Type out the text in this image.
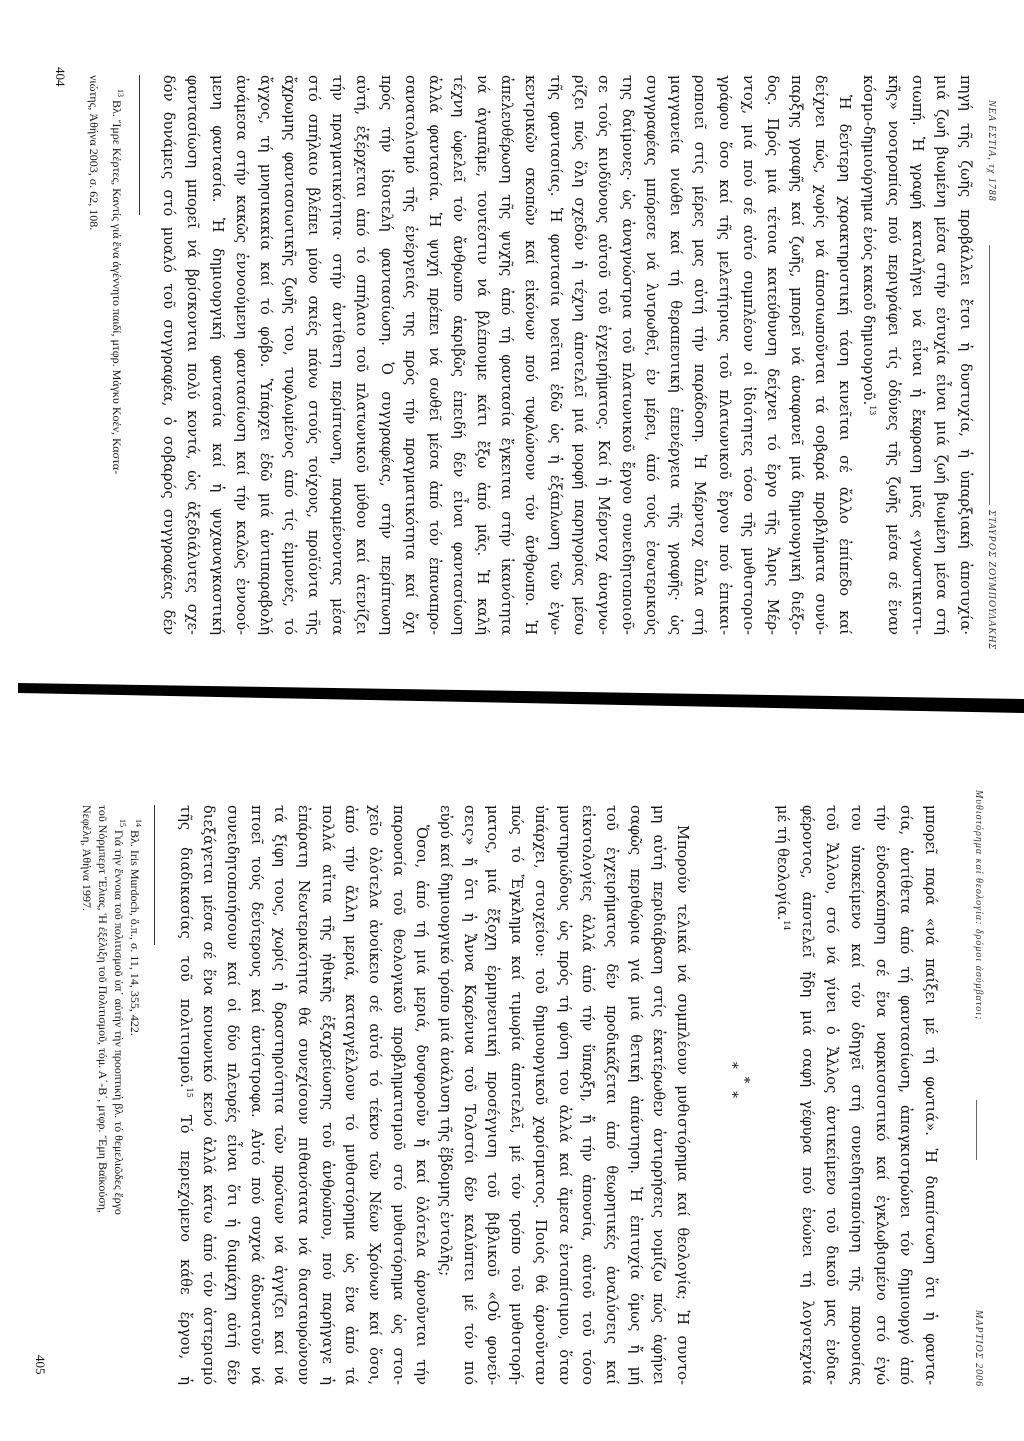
ΝΕΑ ΕΣΤΙΑ, τχ 1788
ΣΤΑΥΡΟΣ ΖΟΥΜΠΟΥΛΑΚΗΣ
πηγή τῆς ζωῆς προβάλλει ἔτσι ἡ δυστυχία, ἡ ὑπαρξιακή ἀποτυχία·
μιά ζωή βιωμένη μέσα στήν εὐτυχία εἶναι μιά ζωή βιωμένη μέσα στή
σιωπή. Ἡ γραφή καταλήγει νά εἶναι ἡ ἔκφραση μιᾶς «γνωστικιστι-
κῆς» νοοτροπίας πού περιγράφει τίς ὀδύνες τῆς ζωῆς μέσα σέ ἕναν
κόσμο-δημιούργημα ἑνός κακοῦ δημιουργοῦ.$^{13}$
Ἡ δεύτερη χαρακτηριστική τάση κινεῖται σέ ἄλλο ἐπίπεδο καί
δείχνει πώς, χωρίς νά ἀποσιωποῦνται τά σοβαρά προβλήματα συνύ-
παρξης γραφῆς καί ζωῆς, μπορεῖ νά ἀναφανεῖ μιά δημιουργική διέξο-
δος. Πρός μιά τέτοια κατεύθυνση δείχνει τό ἔργο τῆς Ἄιρις Μέρ-
ντοχ, μιά πού σέ αὐτό συμπλέουν οἱ ἰδιότητες τόσο τῆς μυθιστοριο-
γράφου ὅσο καί τῆς μελετήτριας τοῦ πλατωνικοῦ ἔργου πού ἐπικαι-
ροποιεῖ στίς μέρες μας αὐτή τήν παράδοση. Ἡ Μέρντοχ ὅπλα στή
μαγγανεία νιώθει καί τή θεραπευτική ἐπενέργεια τῆς γραφῆς· ὡς
συγγραφέας μπόρεσε νά λυτρωθεῖ, ἐν μέρει, ἀπό τούς ἐσωτερικούς
της δαίμονες· ὡς ἀναγνώστρια τοῦ πλατωνικοῦ ἔργου συνειδητοποιοῦ-
σε τούς κινδύνους αὐτοῦ τοῦ ἐγχειρήματος. Καί ἡ Μέρντοχ ἀναγνω-
ρίζει πώς ὅλη σχεδόν ἡ τέχνη ἀποτελεῖ μιά μορφή παρηγορίας μέσω
τῆς φαντασίας. Ἡ φαντασία νοεῖται ἐδῶ ὡς ἡ ἐξάπλωση τῶν ἐγω-
κεντρικῶν σκοπῶν καί εἰκόνων πού τυφλώνουν τόν ἄνθρωπο. Ἡ
ἀπελευθέρωση τῆς ψυχῆς ἀπό τή φαντασία ἔγκειται στήν ἱκανότητα
νά ἀγαπᾶμε, τουτέστιν νά βλέπουμε κάτι ἔξω ἀπό μᾶς. Ἡ καλή
τέχνη ὠφελεῖ τόν ἄνθρωπο ἀκριβῶς ἐπειδή δέν εἶναι φαντασίωση
ἀλλά φαντασία. Ἡ ψυχή πρέπει νά σωθεῖ μέσα ἀπό τόν ἐπαναπρο-
σανατολισμό τῆς ἐνέργειάς της πρός τήν πραγματικότητα καί ὄχι
πρός τήν ἰδιοτελή φαντασίωση. Ὁ συγγραφέας, στήν περίπτωση
αὐτή, ἐξέρχεται ἀπό τό σπήλαιο τοῦ πλατωνικοῦ μύθου καί ἀτενίζει
τήν πραγματικότητα· στήν ἀντίθετη περίπτωση, παραμένοντας μέσα
στό σπήλαιο βλέπει μόνο σκιές πάνω στούς τοίχους, προϊόντα τῆς
ἄχρωμης φαντασιωτικῆς ζωῆς του, τυφλωμένος ἀπό τίς ἐμμονές, τό
ἄγχος, τή μνησικακία καί τό φόβο. Ὑπάρχει ἐδῶ μιά ἀντιπαραβολή
ἀνάμεσα στήν κακῶς ἐννοούμενη φαντασίωση καί τήν καλῶς ἐννοού-
μενη φαντασία. Ἡ δημιουργική φαντασία καί ἡ ψυχαναγκαστική
φαντασίωση μπορεῖ νά βρίσκονται πολύ κοντά, ὡς ἀξεδιάλυτες σχε-
δόν δυνάμεις στό μυαλό τοῦ συγγραφέα, ὁ σοβαρός συγγραφέας δέν
$^{13}$ Βλ. Ἴμρε Κέρτες, Καντίς γιά ἕνα ἀγέννητο παιδί, μτφρ. Μάγκυ Κοέν, Καστα-
νιώτης, Ἀθήνα 2003, σ. 62, 108.
404
Μυθιστόρημα καί θεολογία: δρόμοι ἀσύμβατοι;
ΜΑΡΤΙΟΣ 2006
μπορεῖ παρά «νά παίξει μέ τή φωτιά». Ἡ διαπίστωση ὅτι ἡ φαντα-
σία, ἀντίθετα ἀπό τή φαντασίωση, ἀπαγκιστρώνει τόν δημιουργό ἀπό
τήν ἐνδοσκόπηση σέ ἕνα ναρκισσιστικό καί ἐγκλωβισμένο στό ἐγώ
του ὑποκείμενο καί τόν ὁδηγεῖ στή συνειδητοποίηση τῆς παρουσίας
τοῦ Ἄλλου, στό νά γίνει ὁ Ἄλλος ἀντικείμενο τοῦ δικοῦ μας ἐνδια-
φέροντος, ἀποτελεῖ ἤδη μιά σαφή γέφυρα πού ἑνώνει τή λογοτεχνία
μέ τή θεολογία.$^{14}$
*
*     *
Μπορούν τελικά νά συμπλέουν μυθιστόρημα καί θεολογία; Ἡ συντο-
μη αὐτή περιδιάβαση στίς ἑκατέρωθεν ἀντιρρήσεις νομίζω πώς ἀφήνει
σαφῶς περιθώρια γιά μιά θετική ἀπάντηση. Ἡ ἐπιτυχία ὅμως ἤ μή
τοῦ ἐγχειρήματος δέν προδικάζεται ἀπό θεωρητικές ἀναλύσεις καί
εἰκοτολογίες ἀλλά ἀπό τήν ὕπαρξη, ἤ τήν ἀπουσία, αὐτοῦ τοῦ τόσο
μυστηριώδους ὡς πρός τή φύση του ἀλλά καί ἄμεσα ἐντοπίσιμου, ὅταν
ὑπάρχει, στοιχείου: τοῦ δημιουργικοῦ χαρίσματος. Ποιός θά ἀρνοῦνταν
πώς τό Ἔγκλημα καί τιμωρία ἀποτελεῖ, μέ τόν τρόπο τοῦ μυθιστορή-
ματος, μιά ἔξοχη ἑρμηνευτική προσέγγιση τοῦ βιβλικοῦ «Οὐ φονεύ-
σεις» ἤ ὅτι ἡ Ἄννα Καρένινα τοῦ Τολστόι δέν καλύπτει μέ τόν πιό
εὐρύ καί δημιουργικό τρόπο μιά ἀνάλυση τῆς ἕβδομης ἐντολῆς;
Ὅσοι, ἀπό τή μιά μεριά, δυσφοροῦν ἤ καί ὁλότελα ἀρνοῦνται τήν
παρουσία τοῦ θεολογικοῦ προβληματισμοῦ στό μυθιστόρημα ὡς στοι-
χεῖο ὁλότελα ἀνοίκειο σέ αὐτό τό τέκνο τῶν Νέων Χρόνων καί ὅσοι,
ἀπό τήν ἄλλη μεριά, καταγγέλλουν τό μυθιστόρημα ὡς ἕνα ἀπό τά
πολλά αἴτια τῆς ἠθικῆς ἐξαχρείωσης τοῦ ἀνθρώπου, πού παρήγαγε ἡ
ἐπάρατη Νεωτερικότητα θά συνεχίσουν πιθανότατα νά διασταυρώνουν
τά ξίφη τους, χωρίς ἡ δραστηριότητα τῶν πρώτων νά ἀγγίζει καί νά
πτοεῖ τούς δεύτερους καί ἀντίστροφα. Αὐτό πού συχνά ἀδυνατοῦν νά
συνειδητοποιήσουν καί οἱ δύο πλευρές εἶναι ὅτι ἡ διαμάχη αὐτή δέν
διεξάγεται μέσα σέ ἕνα κοινωνικό κενό ἀλλά κάτω ἀπό τόν ἀστερισμό
τῆς διαδικασίας τοῦ πολιτισμοῦ.$^{15}$ Τό περιεχόμενο κάθε ἔργου, ἡ
$^{14}$ Βλ. Iris Murdoch, ὅ.π., σ. 11, 14, 355, 422.
$^{15}$ Γιά τήν ἔννοια τοῦ πολιτισμοῦ ὑπ᾽ αὐτήν τήν προοπτική βλ. τό θεμελιῶδες ἔργο
τοῦ Νόρμπερτ Ἔλιας, Ἡ ἐξέλιξη τοῦ Πολιτισμοῦ, τόμ. Α΄-Β΄, μτφρ. Ἔμη Βαϊκούση,
Νεφέλη, Ἀθήνα 1997.
405
